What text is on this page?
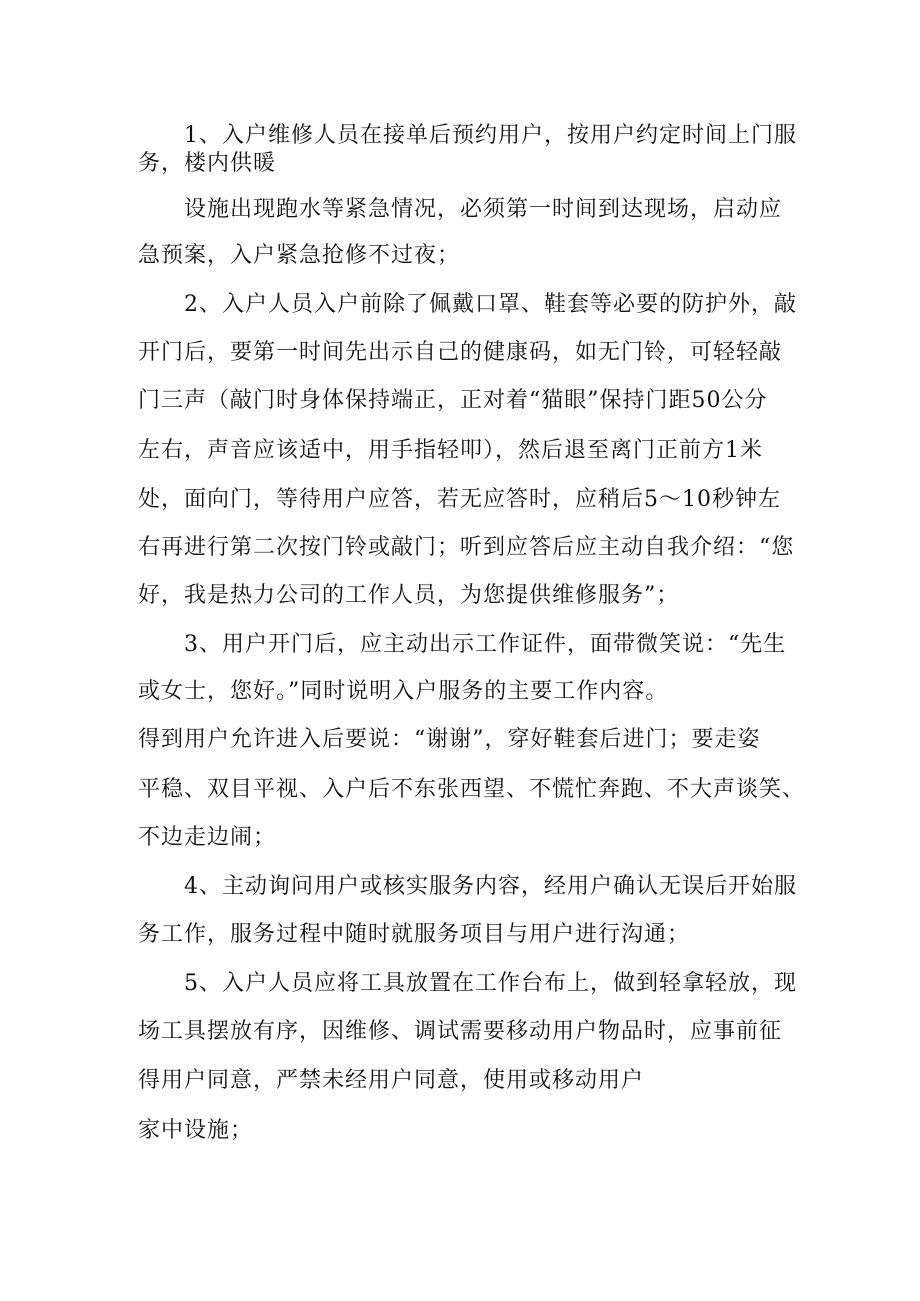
1、入户维修人员在接单后预约用户，按用户约定时间上门服
务，楼内供暖
设施出现跑水等紧急情况，必须第一时间到达现场，启动应
急预案，入户紧急抢修不过夜；
2、入户人员入户前除了佩戴口罩、鞋套等必要的防护外，敲
开门后，要第一时间先出示自己的健康码，如无门铃，可轻轻敲
门三声（敲门时身体保持端正，正对着“猫眼”保持门距50公分
左右，声音应该适中，用手指轻叩），然后退至离门正前方1米
处，面向门，等待用户应答，若无应答时，应稍后5～10秒钟左
右再进行第二次按门铃或敲门；听到应答后应主动自我介绍：“您
好，我是热力公司的工作人员，为您提供维修服务”；
3、用户开门后，应主动出示工作证件，面带微笑说：“先生
或女士，您好。”同时说明入户服务的主要工作内容。
得到用户允许进入后要说：“谢谢”，穿好鞋套后进门；要走姿
平稳、双目平视、入户后不东张西望、不慌忙奔跑、不大声谈笑、
不边走边闹；
4、主动询问用户或核实服务内容，经用户确认无误后开始服
务工作，服务过程中随时就服务项目与用户进行沟通；
5、入户人员应将工具放置在工作台布上，做到轻拿轻放，现
场工具摆放有序，因维修、调试需要移动用户物品时，应事前征
得用户同意，严禁未经用户同意，使用或移动用户
家中设施；
